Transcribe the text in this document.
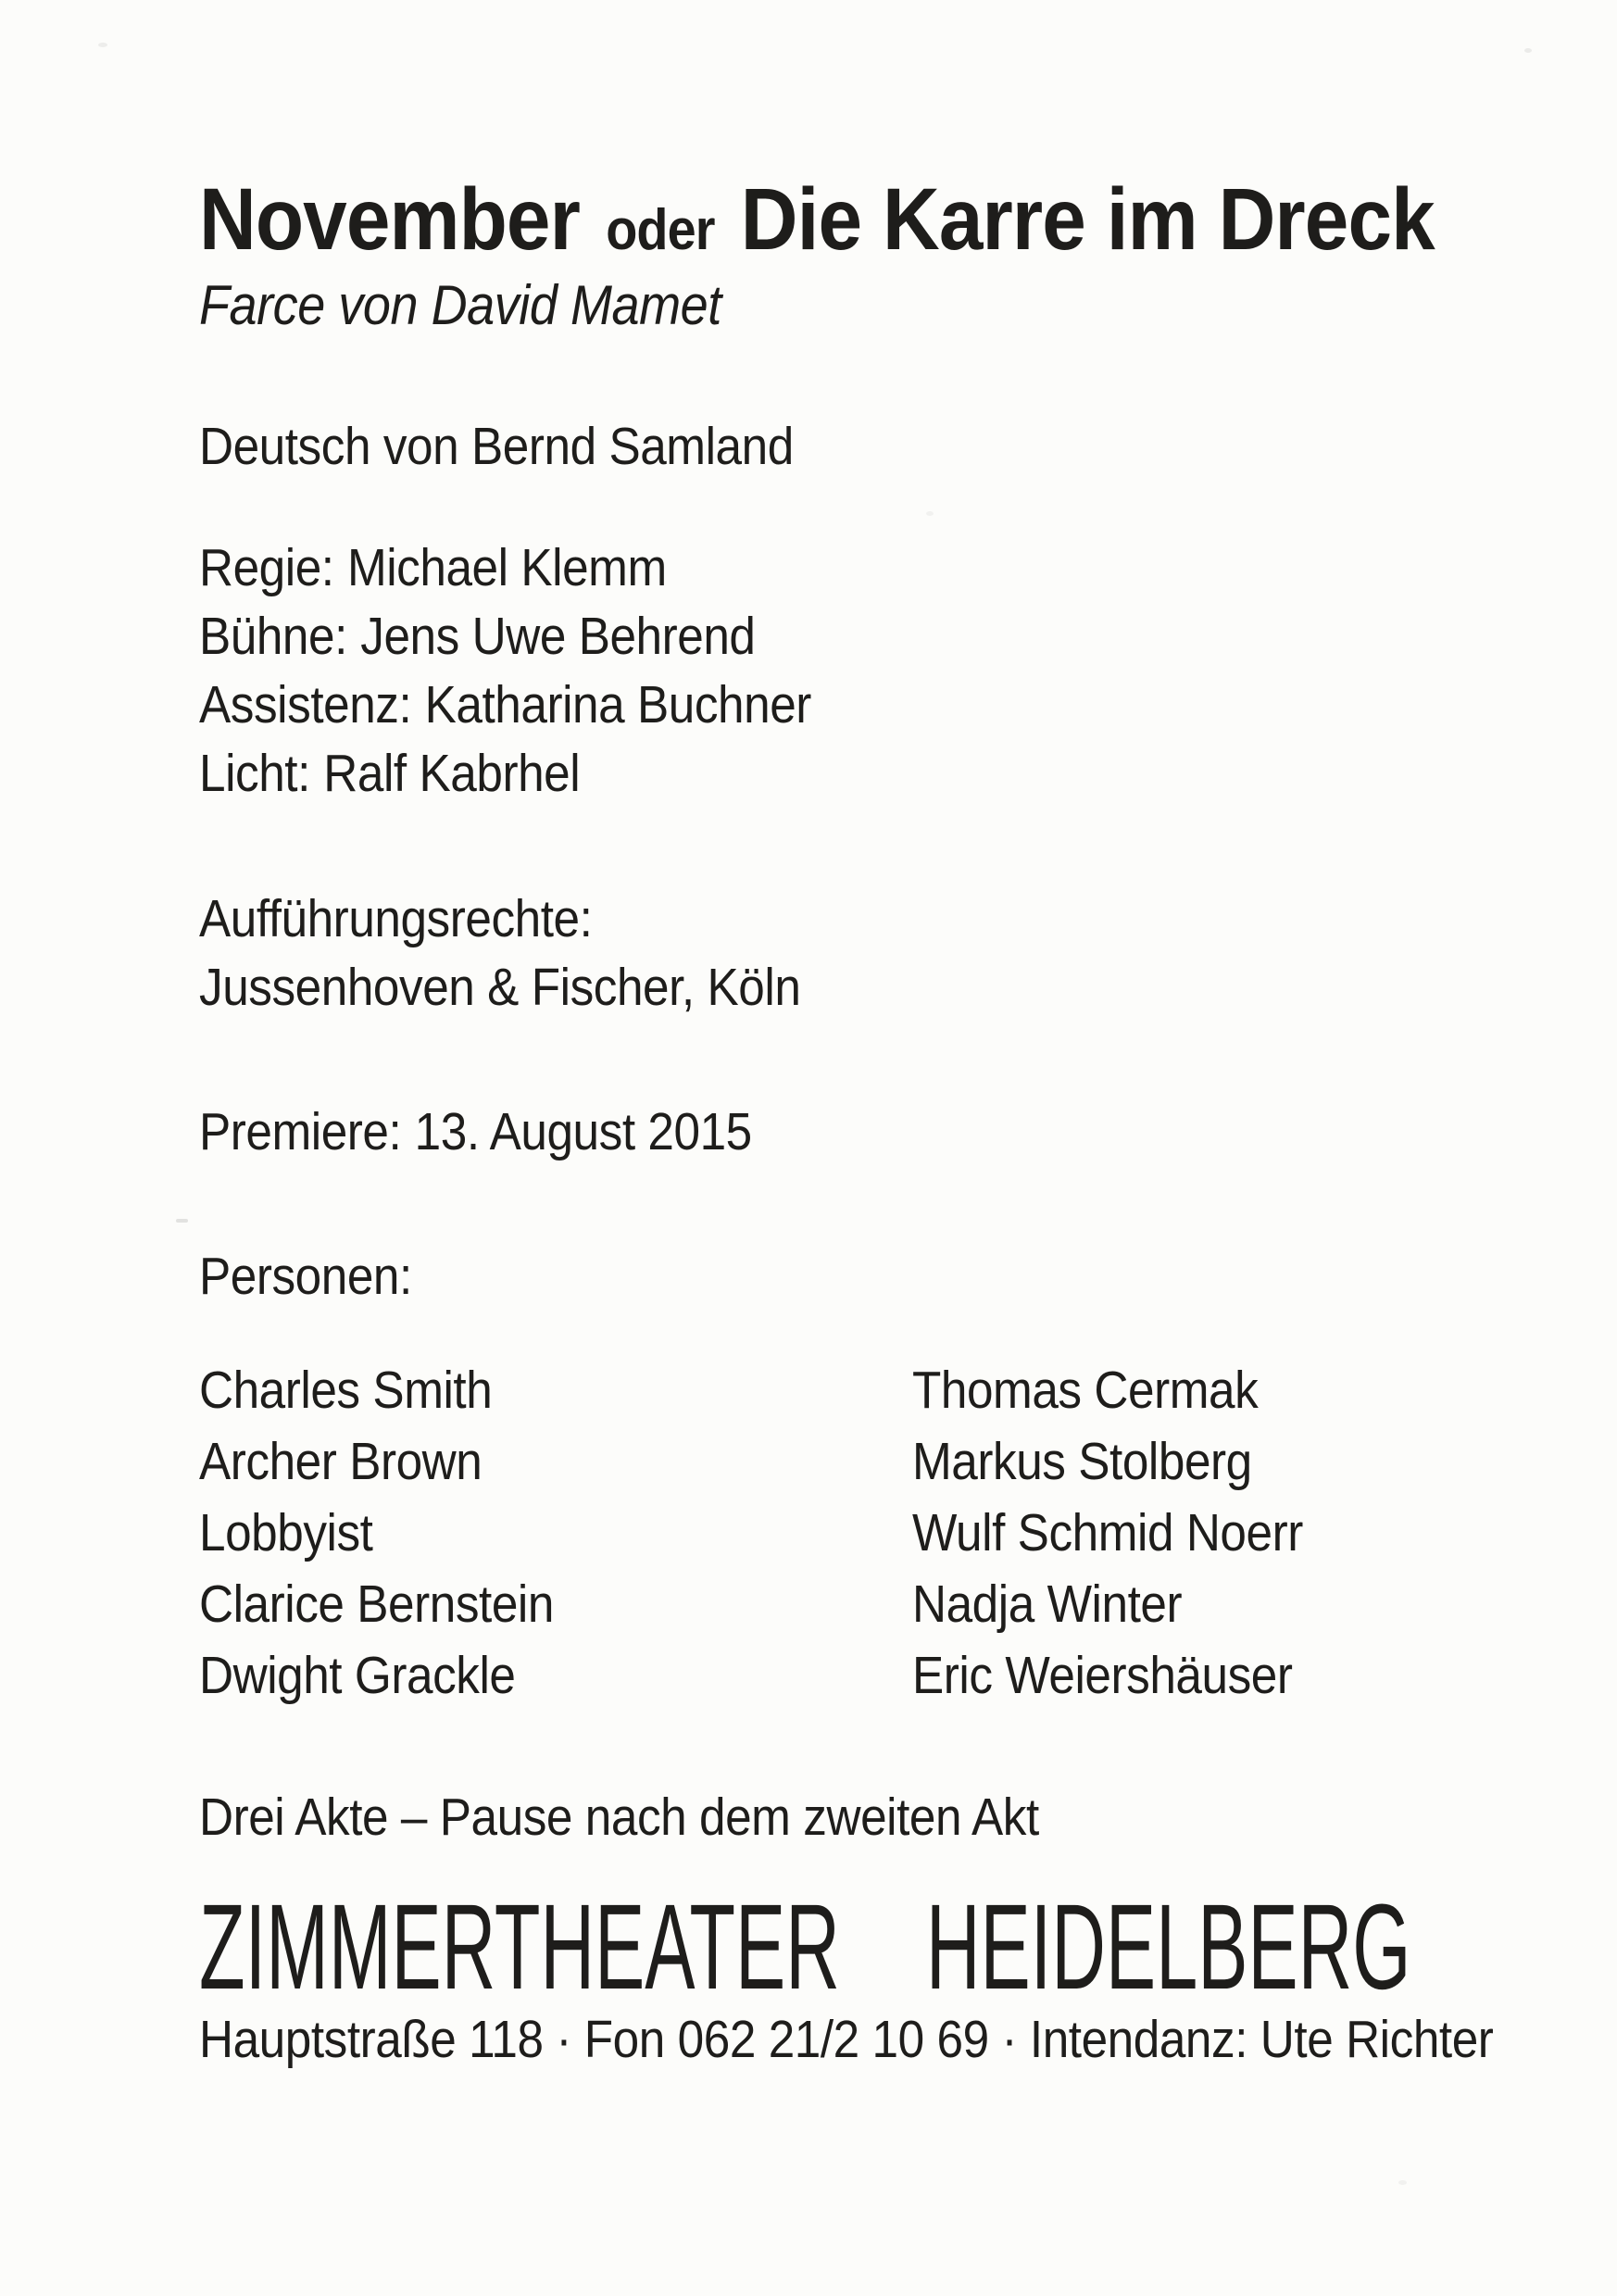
November oder Die Karre im Dreck

Farce von David Mamet

Deutsch von Bernd Samland

Regie: Michael Klemm
Bühne: Jens Uwe Behrend
Assistenz: Katharina Buchner
Licht: Ralf Kabrhel

Aufführungsrechte:

Jussenhoven & Fischer, Köln

Premiere: 13. August 2015

Personen:

Charles Smith	Thomas Cermak
Archer Brown	Markus Stolberg
Lobbyist	Wulf Schmid Noerr
Clarice Bernstein	Nadja Winter
Dwight Grackle	Eric Weiershäuser

Drei Akte – Pause nach dem zweiten Akt

ZIMMERTHEATER HEIDELBERG

Hauptstraße 118 · Fon 062 21/2 10 69 · Intendanz: Ute Richter
